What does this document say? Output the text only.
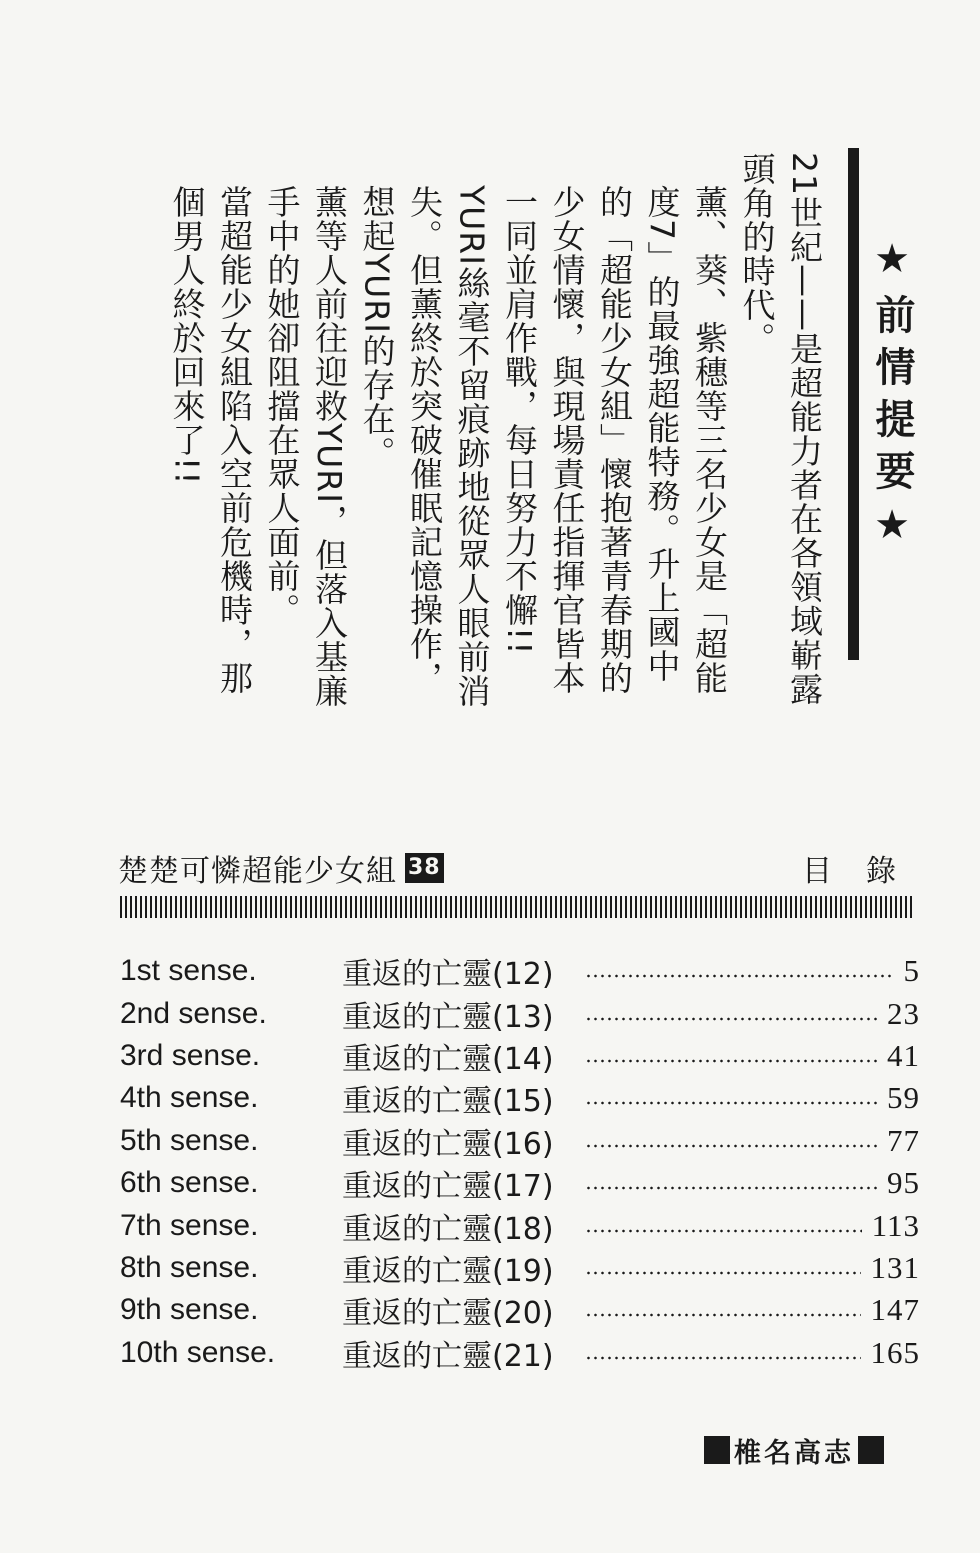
★前情提要★

21世紀——是超能力者在各領域嶄露頭角的時代。

薰、葵、紫穗等三名少女是「超能度7」的最強超能特務。升上國中的「超能少女組」懷抱著青春期的少女情懷，與現場責任指揮官皆本一同並肩作戰，每日努力不懈!!

YURI絲毫不留痕跡地從眾人眼前消失。但薰終於突破催眠記憶操作，想起YURI的存在。

薰等人前往迎救YURI，但落入基廉手中的她卻阻擋在眾人面前。

當超能少女組陷入空前危機時，那個男人終於回來了!!

楚楚可憐超能少女組 38	目錄
1st sense.	重返的亡靈(12)	5
2nd sense.	重返的亡靈(13)	23
3rd sense.	重返的亡靈(14)	41
4th sense.	重返的亡靈(15)	59
5th sense.	重返的亡靈(16)	77
6th sense.	重返的亡靈(17)	95
7th sense.	重返的亡靈(18)	113
8th sense.	重返的亡靈(19)	131
9th sense.	重返的亡靈(20)	147
10th sense.	重返的亡靈(21)	165
椎名高志
